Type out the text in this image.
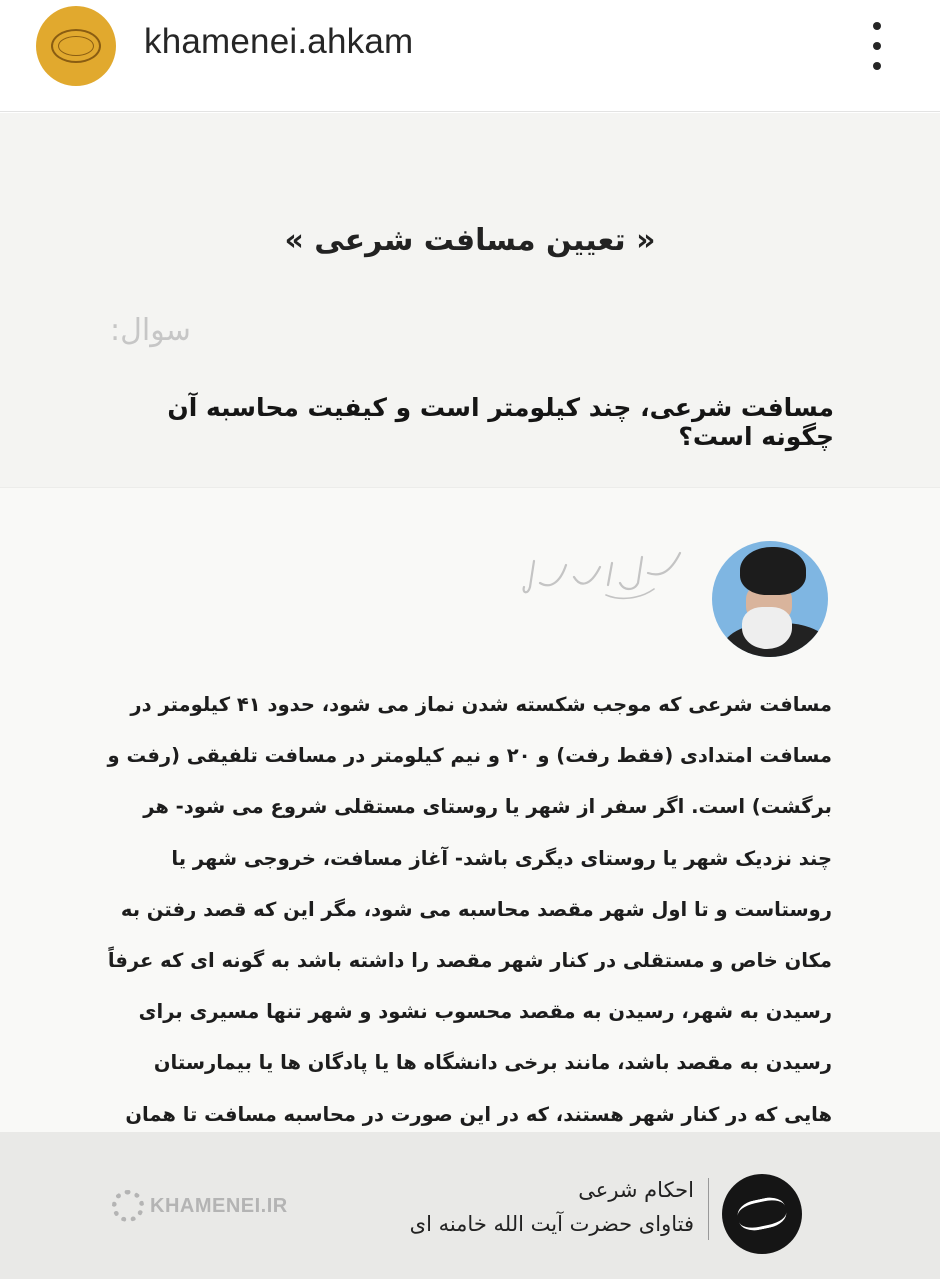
khamenei.ahkam
« تعیین مسافت شرعی »
سوال:
مسافت شرعی، چند کیلومتر است و کیفیت محاسبه آن چگونه است؟
مسافت شرعی که موجب شکسته شدن نماز می شود، حدود ۴۱ کیلومتر در مسافت امتدادی (فقط رفت) و ۲۰ و نیم کیلومتر در مسافت تلفیقی (رفت و برگشت) است. اگر سفر از شهر یا روستای مستقلی شروع می شود- هر چند نزدیک شهر یا روستای دیگری باشد- آغاز مسافت، خروجی شهر یا روستاست و تا اول شهر مقصد محاسبه می شود، مگر این که قصد رفتن به مکان خاص و مستقلی در کنار شهر مقصد را داشته باشد به گونه ای که عرفاً رسیدن به شهر، رسیدن به مقصد محسوب نشود و شهر تنها مسیری برای رسیدن به مقصد باشد، مانند برخی دانشگاه ها یا پادگان ها یا بیمارستان هایی که در کنار شهر هستند، که در این صورت در محاسبه مسافت تا همان
KHAMENEI.IR
احکام شرعی
فتاوای حضرت آیت الله خامنه ای
